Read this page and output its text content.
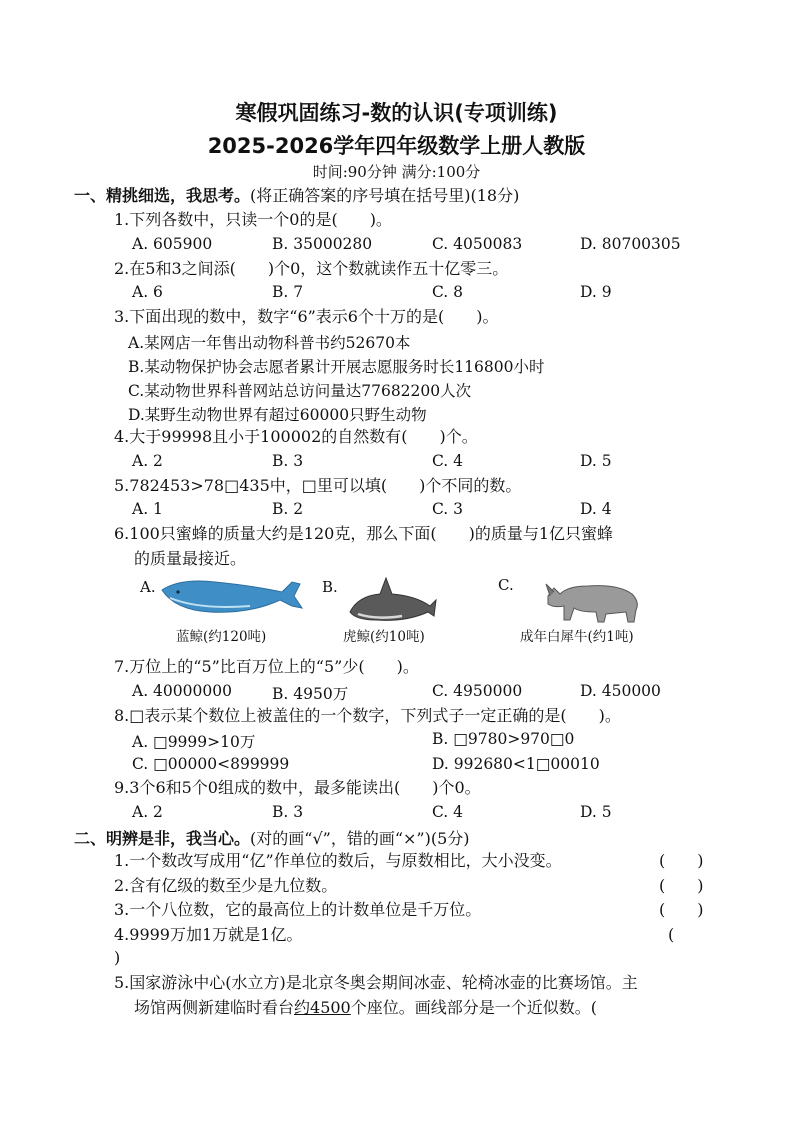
寒假巩固练习-数的认识(专项训练)
2025-2026学年四年级数学上册人教版
时间:90分钟 满分:100分
一、精挑细选，我思考。(将正确答案的序号填在括号里)(18分)
1.下列各数中，只读一个0的是(　　)。
A. 605900	B. 35000280	C. 4050083	D. 80700305
2.在5和3之间添(　　)个0，这个数就读作五十亿零三。
A. 6	B. 7	C. 8	D. 9
3.下面出现的数中，数字“6”表示6个十万的是(　　)。
A.某网店一年售出动物科普书约52670本
B.某动物保护协会志愿者累计开展志愿服务时长116800小时
C.某动物世界科普网站总访问量达77682200人次
D.某野生动物世界有超过60000只野生动物
4.大于99998且小于100002的自然数有(　　)个。
A. 2	B. 3	C. 4	D. 5
5.782453>78□435中，□里可以填(　　)个不同的数。
A. 1	B. 2	C. 3	D. 4
6.100只蜜蜂的质量大约是120克，那么下面(　　)的质量与1亿只蜜蜂
的质量最接近。
A.
蓝鲸(约120吨)
B.
虎鲸(约10吨)
C.
成年白犀牛(约1吨)
7.万位上的“5”比百万位上的“5”少(　　)。
A. 40000000	B. 4950万	C. 4950000	D. 450000
8.□表示某个数位上被盖住的一个数字，下列式子一定正确的是(　　)。
A. □9999>10万	B. □9780>970□0
C. □00000<899999	D. 992680<1□00010
9.3个6和5个0组成的数中，最多能读出(　　)个0。
A. 2	B. 3	C. 4	D. 5
二、明辨是非，我当心。(对的画“√”，错的画“×”)(5分)
1.一个数改写成用“亿”作单位的数后，与原数相比，大小没变。	(　　)
2.含有亿级的数至少是九位数。	(　　)
3.一个八位数，它的最高位上的计数单位是千万位。	(　　)
4.9999万加1万就是1亿。	(
)
5.国家游泳中心(水立方)是北京冬奥会期间冰壶、轮椅冰壶的比赛场馆。主
场馆两侧新建临时看台约4500个座位。画线部分是一个近似数。(
